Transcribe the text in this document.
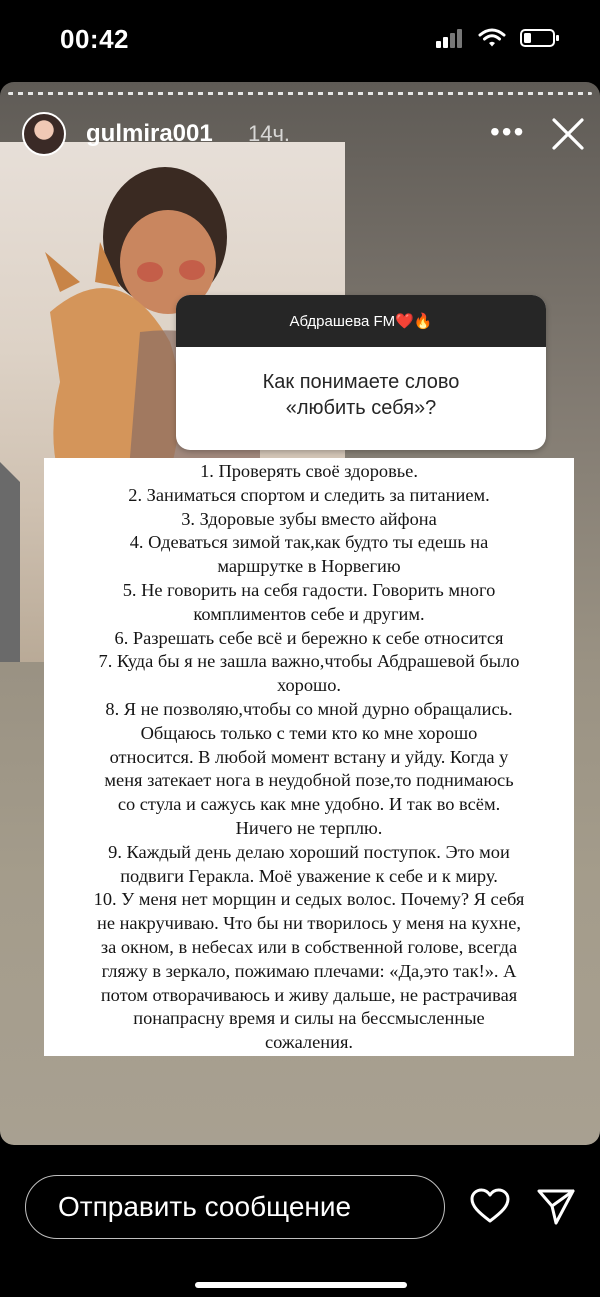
00:42
gulmira001 14ч.	•••
Абдрашева FM❤️🔥
Как понимаете слово «любить себя»?
1. Проверять своё здоровье.
2. Заниматься спортом и следить за питанием.
3. Здоровые зубы вместо айфона
4. Одеваться зимой так,как будто ты едешь на
маршрутке в Норвегию
5. Не говорить на себя гадости. Говорить много
комплиментов себе и другим.
6. Разрешать себе всё и бережно к себе относится
7. Куда бы я не зашла важно,чтобы Абдрашевой было
хорошо.
8. Я не позволяю,чтобы со мной дурно обращались.
Общаюсь только с теми кто ко мне хорошо
относится. В любой момент встану и уйду. Когда у
меня затекает нога в неудобной позе,то поднимаюсь
со стула и сажусь как мне удобно. И так во всём.
Ничего не терплю.
9. Каждый день делаю хороший поступок. Это мои
подвиги Геракла. Моё уважение к себе и к миру.
10. У меня нет морщин и седых волос. Почему? Я себя
не накручиваю. Что бы ни творилось у меня на кухне,
за окном, в небесах или в собственной голове, всегда
гляжу в зеркало, пожимаю плечами: «Да,это так!». А
потом отворачиваюсь и живу дальше, не растрачивая
понапрасну время и силы на бессмысленные
сожаления.
Отправить сообщение
